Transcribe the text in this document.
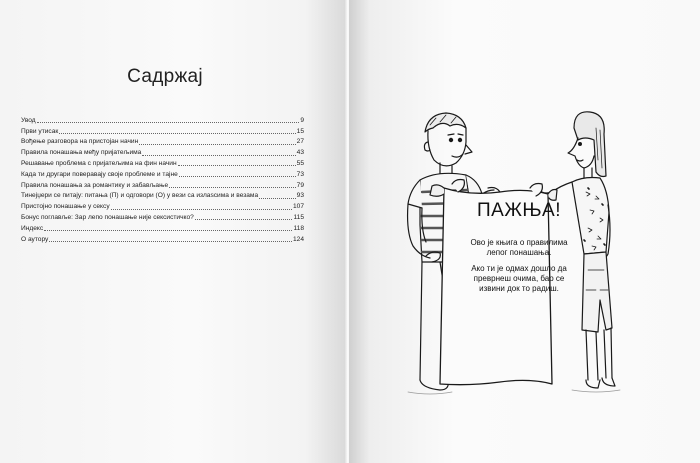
Садржај
Увод	9
Први утисак	15
Вођење разговора на пристојан начин	27
Правила понашања међу пријатељима	43
Решавање проблема с пријатељима на фин начин	55
Када ти другари поверавају своје проблеме и тајне	73
Правила понашања за романтику и забављање	79
Тинејџери се питају: питања (П) и одговори (О) у вези са излascима и везама	93
Пристојно понашање у сексу	107
Бонус поглавље: Зар лепо понашање није сексистичко?	115
Индекс	118
О аутору	124
ПАЖЊА!
Ово је књига о правилима
лепог понашања.
Ако ти је одмах дошло да
преврнеш очима, бар се
извини док то радиш.
